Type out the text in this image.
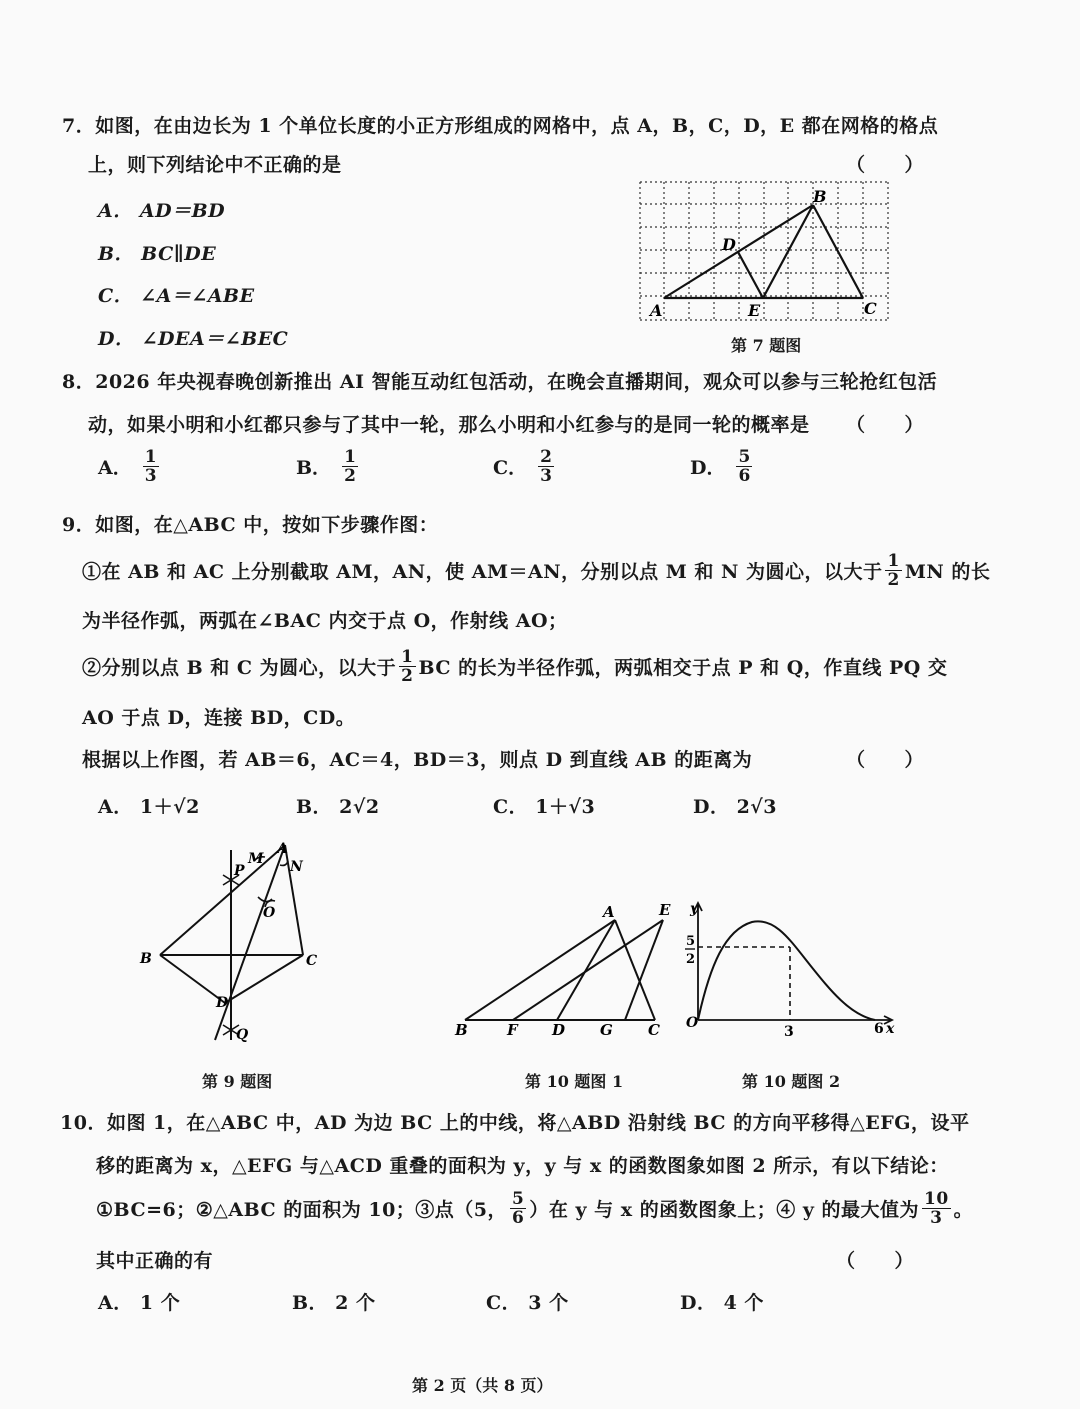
7．如图，在由边长为 1 个单位长度的小正方形组成的网格中，点 A，B，C，D，E 都在网格的格点
上，则下列结论中不正确的是	（　　）
A． AD＝BD
B． BC∥DE
C． ∠A＝∠ABE
D． ∠DEA＝∠BEC
A
B
C
D
E
第 7 题图
8．2026 年央视春晚创新推出 AI 智能互动红包活动，在晚会直播期间，观众可以参与三轮抢红包活
动，如果小明和小红都只参与了其中一轮，那么小明和小红参与的是同一轮的概率是 （　　）
A． $\frac{1}{3}$	B． $\frac{1}{2}$	C． $\frac{2}{3}$	D． $\frac{5}{6}$
9．如图，在△ABC 中，按如下步骤作图：
①在 AB 和 AC 上分别截取 AM，AN，使 AM＝AN，分别以点 M 和 N 为圆心，以大于 $\frac{1}{2}$ MN 的长
为半径作弧，两弧在∠BAC 内交于点 O，作射线 AO；
②分别以点 B 和 C 为圆心，以大于 $\frac{1}{2}$ BC 的长为半径作弧，两弧相交于点 P 和 Q，作直线 PQ 交
AO 于点 D，连接 BD，CD。
根据以上作图，若 AB＝6，AC＝4，BD＝3，则点 D 到直线 AB 的距离为	（　　）
A． 1＋√2	B． 2√2	C． 1＋√3	D． 2√3
A
B	C
D
M N
O
P
Q
第 9 题图
A
B	C
D
E
F	G
第 10 题图 1
y
x
O
5
2
3	6
第 10 题图 2
10．如图 1，在△ABC 中，AD 为边 BC 上的中线，将△ABD 沿射线 BC 的方向平移得△EFG，设平
移的距离为 x，△EFG 与△ACD 重叠的面积为 y，y 与 x 的函数图象如图 2 所示，有以下结论：
①BC=6；②△ABC 的面积为 10；③点（5， $\frac{5}{6}$ ）在 y 与 x 的函数图象上；④ y 的最大值为 $\frac{10}{3}$ 。
其中正确的有	（　　）
A． 1 个	B． 2 个	C． 3 个	D． 4 个
第 2 页（共 8 页）
